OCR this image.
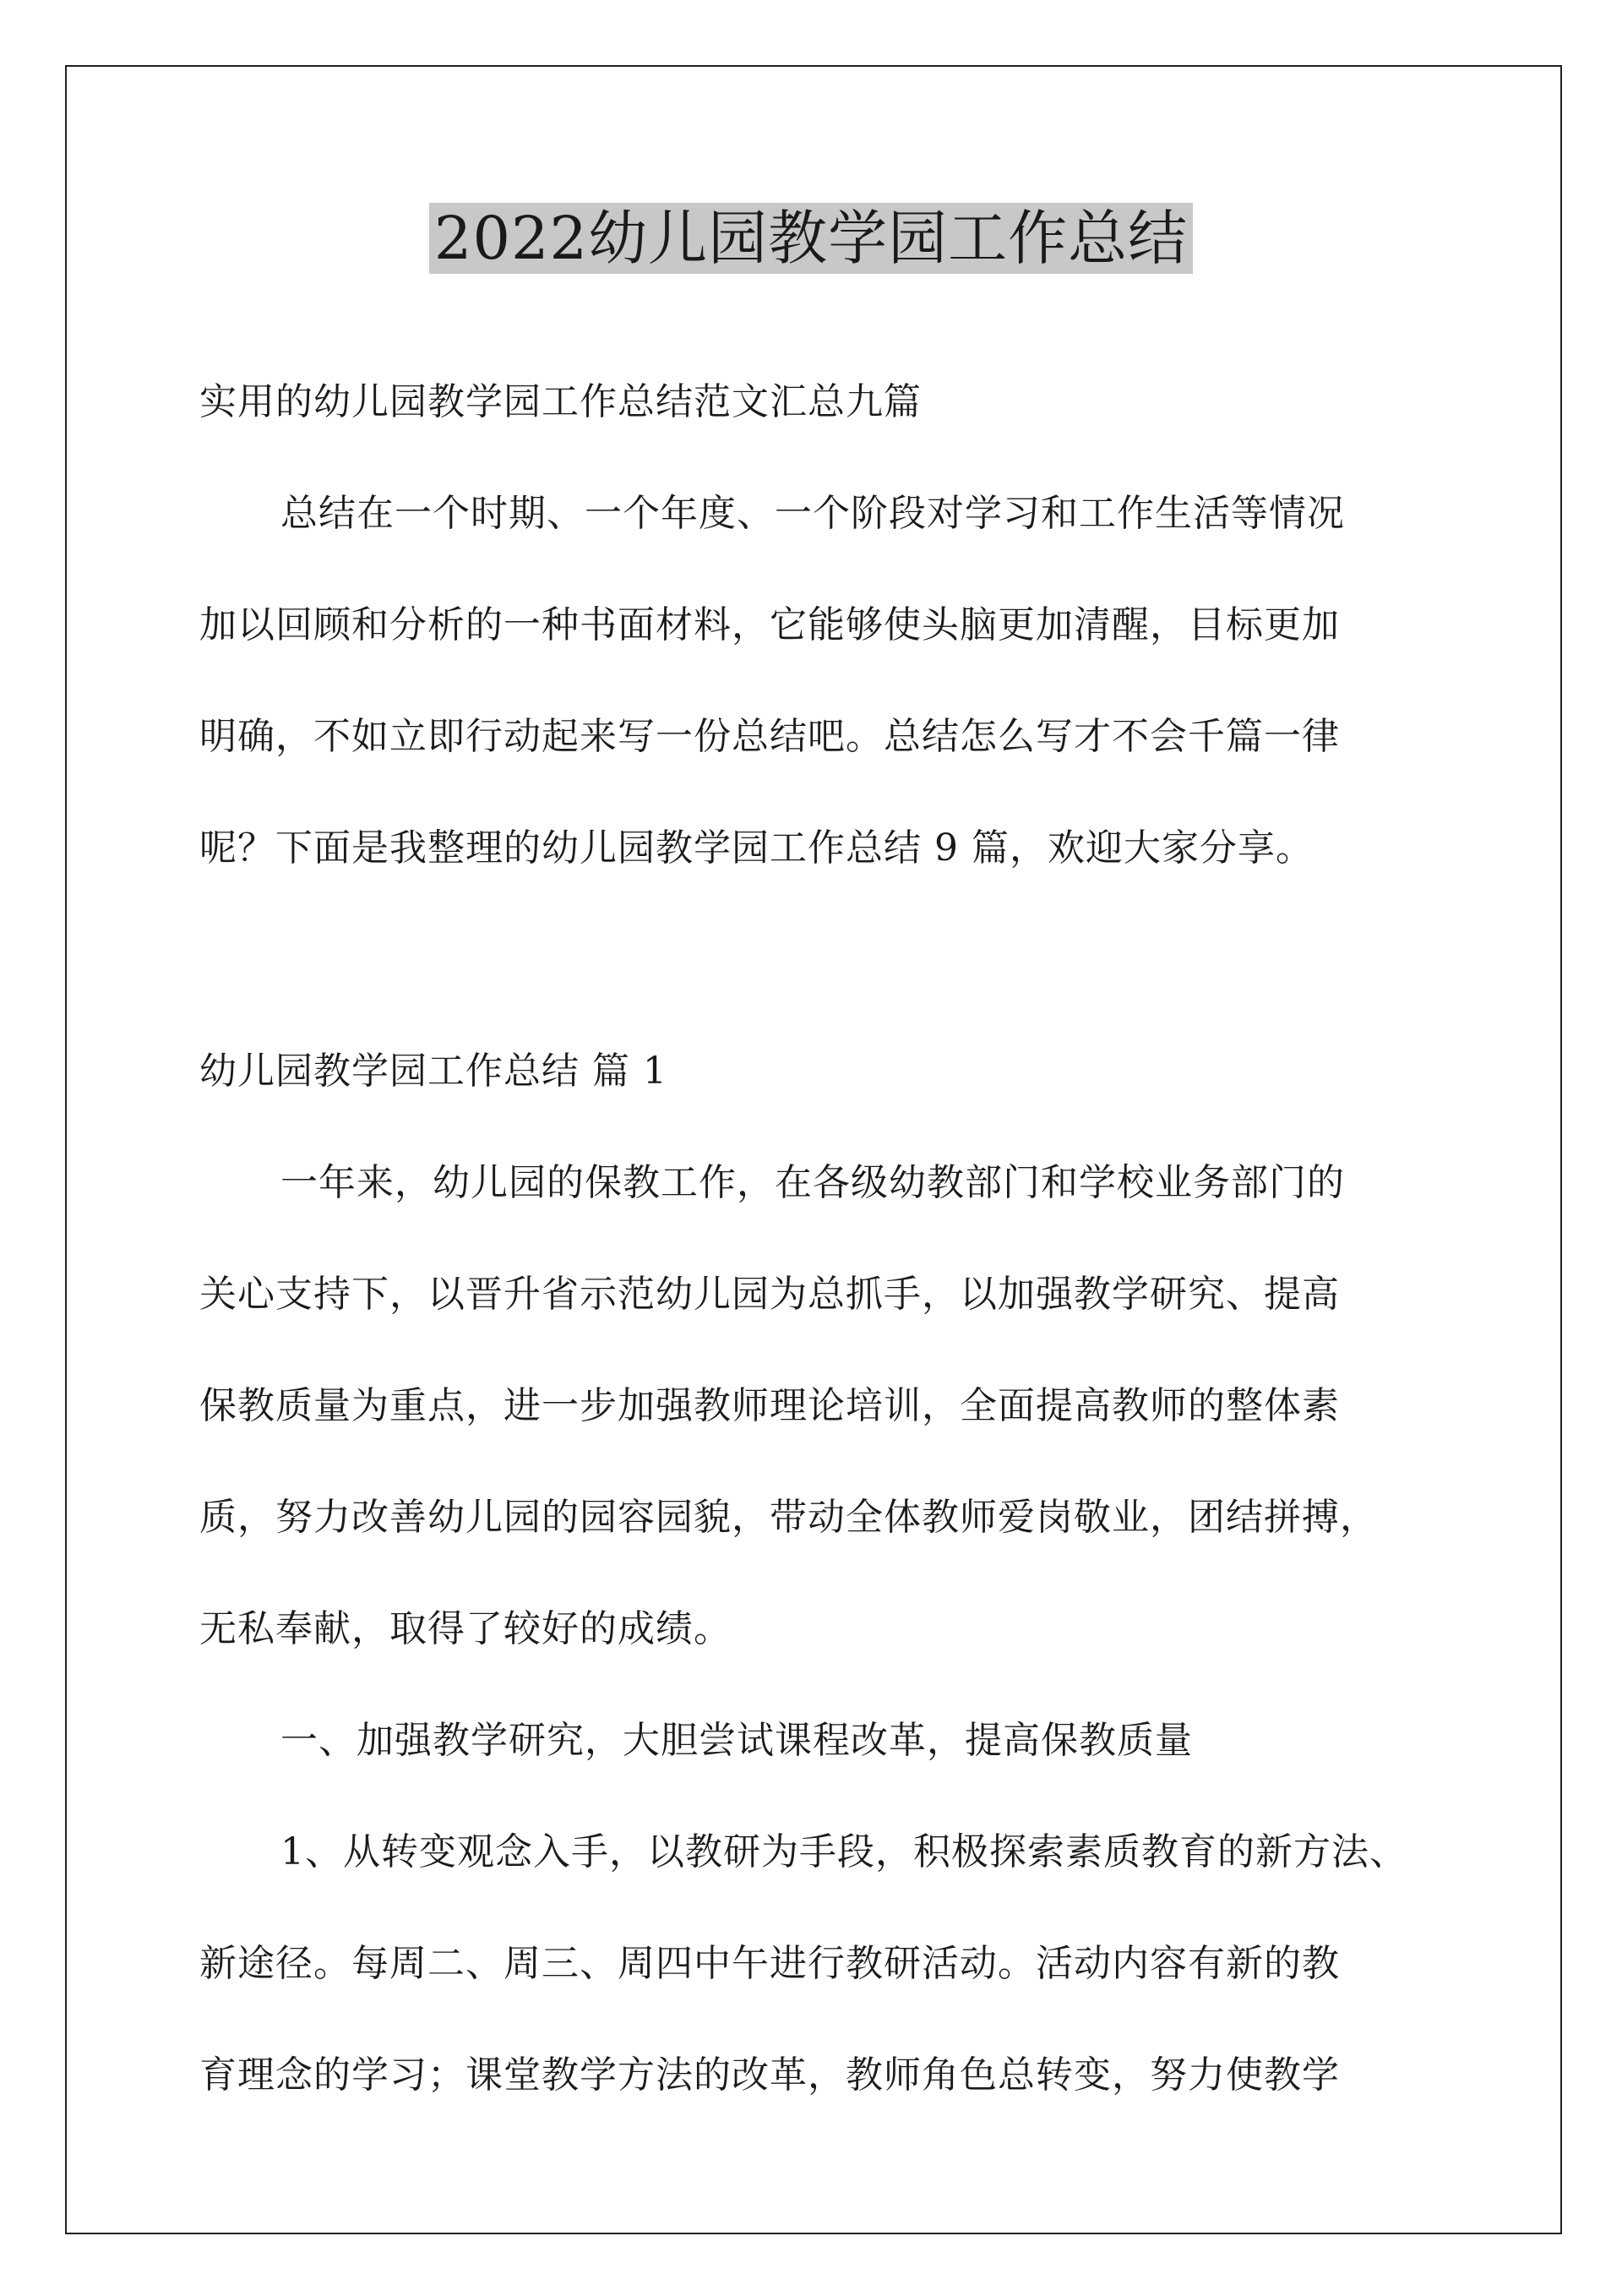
2022幼儿园教学园工作总结
实用的幼儿园教学园工作总结范文汇总九篇
总结在一个时期、一个年度、一个阶段对学习和工作生活等情况
加以回顾和分析的一种书面材料，它能够使头脑更加清醒，目标更加
明确，不如立即行动起来写一份总结吧。总结怎么写才不会千篇一律
呢？下面是我整理的幼儿园教学园工作总结 9 篇，欢迎大家分享。
幼儿园教学园工作总结 篇 1
一年来，幼儿园的保教工作，在各级幼教部门和学校业务部门的
关心支持下，以晋升省示范幼儿园为总抓手，以加强教学研究、提高
保教质量为重点，进一步加强教师理论培训，全面提高教师的整体素
质，努力改善幼儿园的园容园貌，带动全体教师爱岗敬业，团结拼搏，
无私奉献，取得了较好的成绩。
一、加强教学研究，大胆尝试课程改革，提高保教质量
1、从转变观念入手，以教研为手段，积极探索素质教育的新方法、
新途径。每周二、周三、周四中午进行教研活动。活动内容有新的教
育理念的学习；课堂教学方法的改革，教师角色总转变，努力使教学
